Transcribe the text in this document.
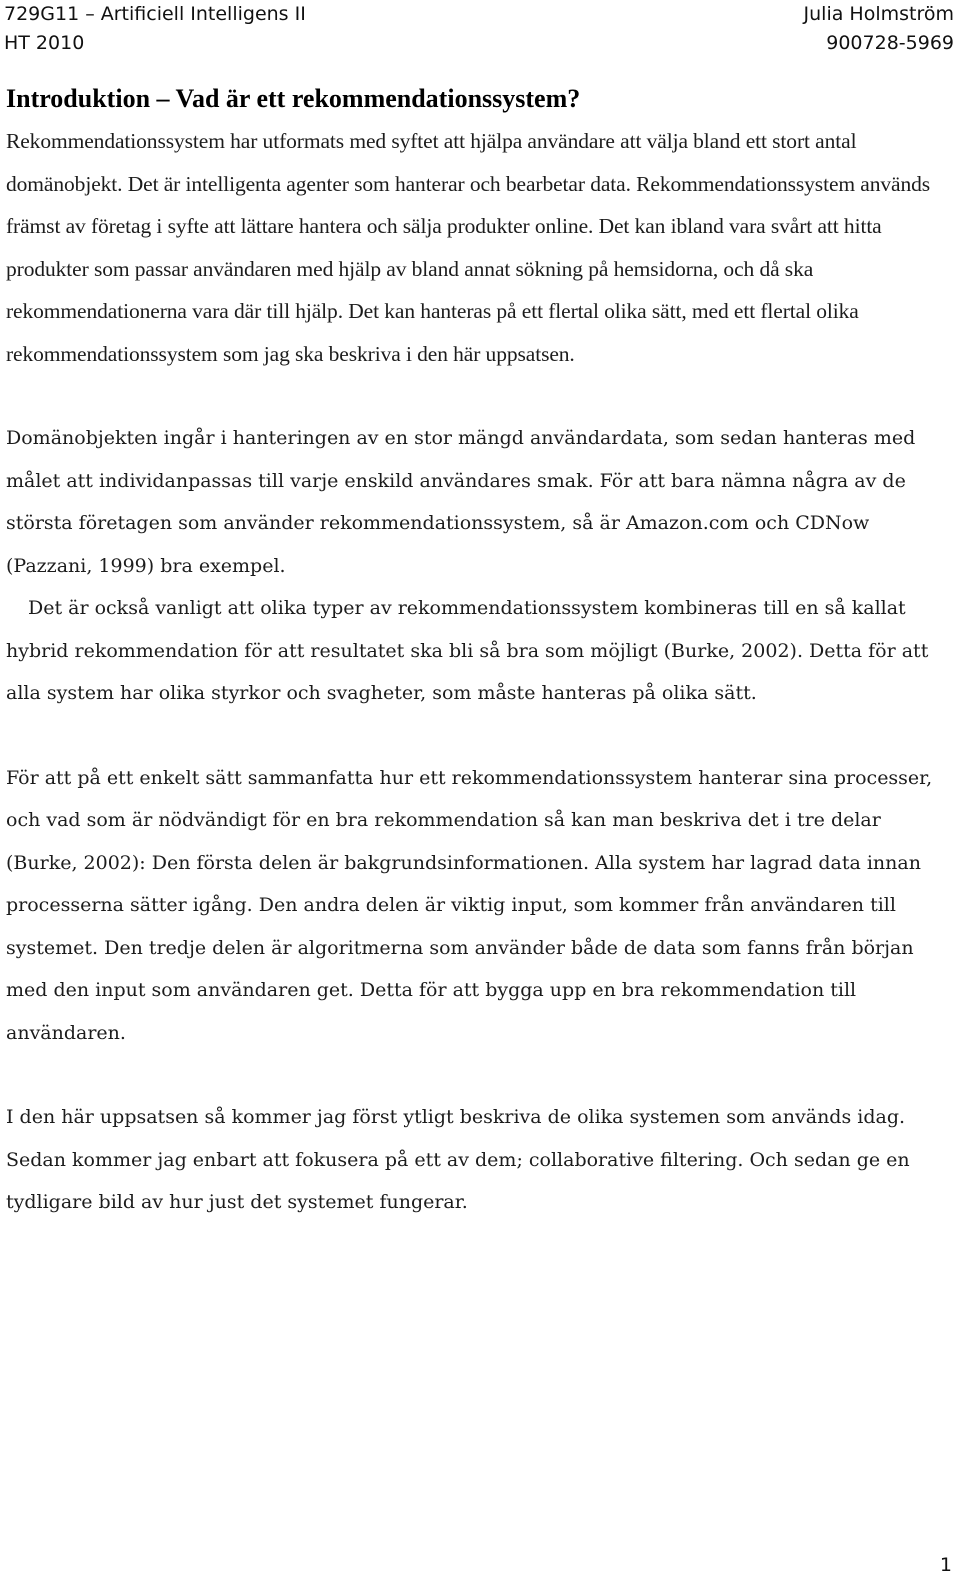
729G11 – Artificiell Intelligens II	Julia Holmström
HT 2010	900728-5969
Introduktion – Vad är ett rekommendationssystem?

Rekommendationssystem har utformats med syftet att hjälpa användare att välja bland ett stort antal domänobjekt. Det är intelligenta agenter som hanterar och bearbetar data. Rekommendationssystem används främst av företag i syfte att lättare hantera och sälja produkter online. Det kan ibland vara svårt att hitta produkter som passar användaren med hjälp av bland annat sökning på hemsidorna, och då ska rekommendationerna vara där till hjälp. Det kan hanteras på ett flertal olika sätt, med ett flertal olika rekommendationssystem som jag ska beskriva i den här uppsatsen.

Domänobjekten ingår i hanteringen av en stor mängd användardata, som sedan hanteras med målet att individanpassas till varje enskild användares smak. För att bara nämna några av de största företagen som använder rekommendationssystem, så är Amazon.com och CDNow (Pazzani, 1999) bra exempel.

Det är också vanligt att olika typer av rekommendationssystem kombineras till en så kallat hybrid rekommendation för att resultatet ska bli så bra som möjligt (Burke, 2002). Detta för att alla system har olika styrkor och svagheter, som måste hanteras på olika sätt.

För att på ett enkelt sätt sammanfatta hur ett rekommendationssystem hanterar sina processer, och vad som är nödvändigt för en bra rekommendation så kan man beskriva det i tre delar (Burke, 2002): Den första delen är bakgrundsinformationen. Alla system har lagrad data innan processerna sätter igång. Den andra delen är viktig input, som kommer från användaren till systemet. Den tredje delen är algoritmerna som använder både de data som fanns från början med den input som användaren get. Detta för att bygga upp en bra rekommendation till användaren.

I den här uppsatsen så kommer jag först ytligt beskriva de olika systemen som används idag. Sedan kommer jag enbart att fokusera på ett av dem; collaborative filtering. Och sedan ge en tydligare bild av hur just det systemet fungerar.

1
